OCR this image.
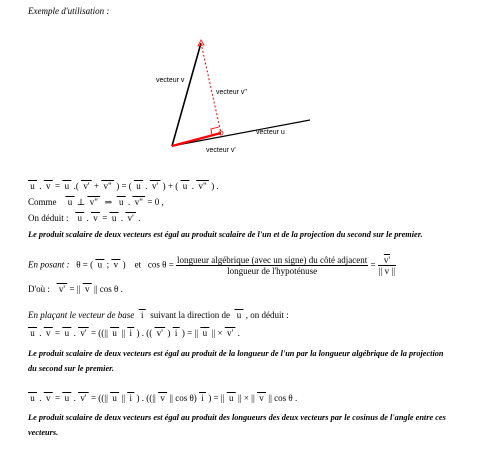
Exemple d'utilisation :
vecteur v
vecteur v"
vecteur v'
vecteur u
u  .  v  =  u  .(  v'  +  v"  ) = (  u  .  v'  ) + (  u  .  v"  ) .
Comme     u  ⊥  v"   ⇒   u  .  v"  = 0 ,
On déduit :    u  .  v  =  u  .  v'  .
Le produit scalaire de deux vecteurs est égal au produit scalaire de l'un et de la projection du second sur le premier.
En posant :   θ = (  u  ;  v  )    et $\cos \theta = \frac{\text{longueur algébrique (avec un signe) du côté adjacent}}{\text{longueur de l'hypoténuse}} = \frac{v'}{|| v ||}$
D'où :    v'  = ||  v  || cos θ .
En plaçant le vecteur de base   i   suivant la direction de   u  , on déduit :
u  .  v  =  u  .  v'  = ((||  u  ||  i  ) . ((  v'  )  i  ) = ||  u  || ×  v'  .
Le produit scalaire de deux vecteurs est égal au produit de la longueur de l'un par la longueur algébrique de la projection du second sur le premier.
u  .  v  =  u  .  v'  = ((||  u  ||  i  ) . ((||  v  || cos θ)  i  ) = ||  u  || × ||  v  || cos θ .
Le produit scalaire de deux vecteurs est égal au produit des longueurs des deux vecteurs par le cosinus de l'angle entre ces vecteurs.
